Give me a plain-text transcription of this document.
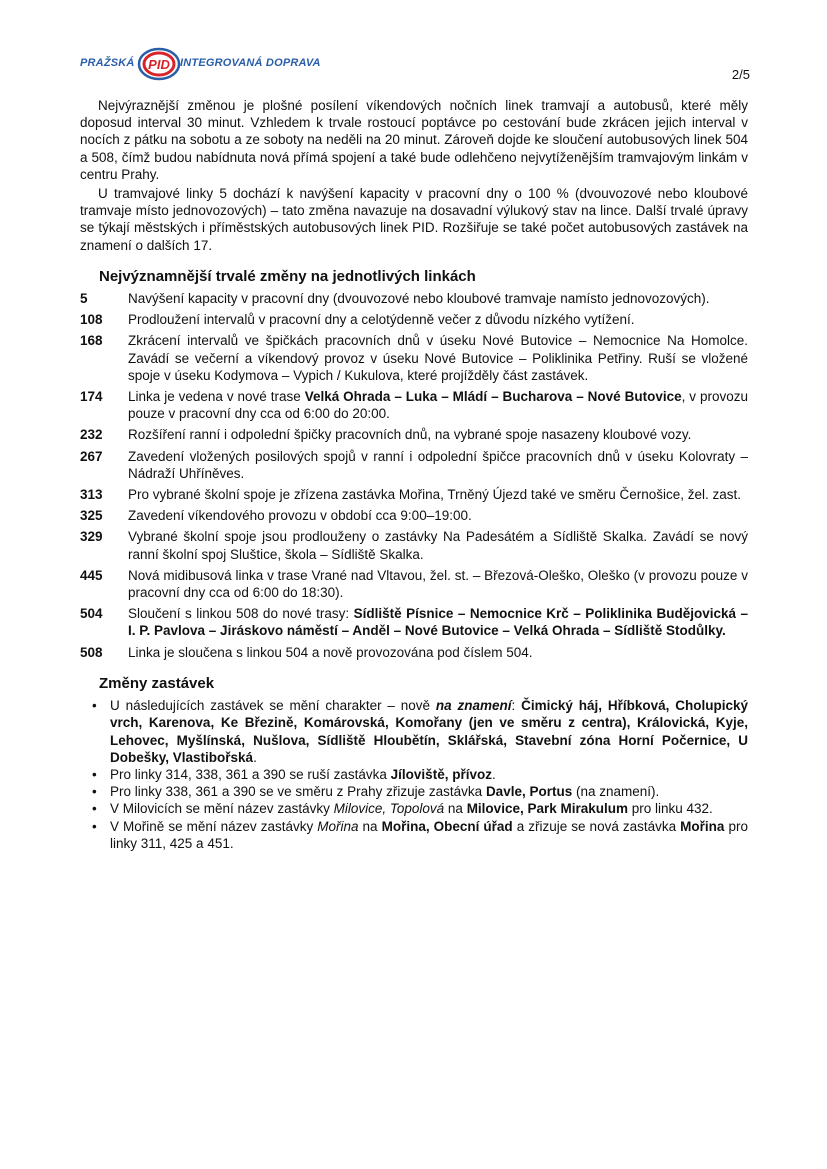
PRAŽSKÁ PID INTEGROVANÁ DOPRAVA
2/5

Nejvýraznější změnou je plošné posílení víkendových nočních linek tramvají a autobusů, které měly doposud interval 30 minut. Vzhledem k trvale rostoucí poptávce po cestování bude zkrácen jejich interval v nocích z pátku na sobotu a ze soboty na neděli na 20 minut. Zároveň dojde ke sloučení autobusových linek 504 a 508, čímž budou nabídnuta nová přímá spojení a také bude odlehčeno nejvytíženějším tramvajovým linkám v centru Prahy.

U tramvajové linky 5 dochází k navýšení kapacity v pracovní dny o 100 % (dvouvozové nebo kloubové tramvaje místo jednovozových) – tato změna navazuje na dosavadní výlukový stav na lince. Další trvalé úpravy se týkají městských i příměstských autobusových linek PID. Rozšiřuje se také počet autobusových zastávek na znamení o dalších 17.

Nejvýznamnější trvalé změny na jednotlivých linkách
5	Navýšení kapacity v pracovní dny (dvouvozové nebo kloubové tramvaje namísto jednovozových).
108	Prodloužení intervalů v pracovní dny a celotýdenně večer z důvodu nízkého vytížení.
168	Zkrácení intervalů ve špičkách pracovních dnů v úseku Nové Butovice – Nemocnice Na Homolce. Zavádí se večerní a víkendový provoz v úseku Nové Butovice – Poliklinika Petřiny. Ruší se vložené spoje v úseku Kodymova – Vypich / Kukulova, které projížděly část zastávek.
174	Linka je vedena v nové trase Velká Ohrada – Luka – Mládí – Bucharova – Nové Butovice, v provozu pouze v pracovní dny cca od 6:00 do 20:00.
232	Rozšíření ranní i odpolední špičky pracovních dnů, na vybrané spoje nasazeny kloubové vozy.
267	Zavedení vložených posilových spojů v ranní i odpolední špičce pracovních dnů v úseku Kolovraty – Nádraží Uhříněves.
313	Pro vybrané školní spoje je zřízena zastávka Mořina, Trněný Újezd také ve směru Černošice, žel. zast.
325	Zavedení víkendového provozu v období cca 9:00–19:00.
329	Vybrané školní spoje jsou prodlouženy o zastávky Na Padesátém a Sídliště Skalka. Zavádí se nový ranní školní spoj Sluštice, škola – Sídliště Skalka.
445	Nová midibusová linka v trase Vrané nad Vltavou, žel. st. – Březová-Oleško, Oleško (v provozu pouze v pracovní dny cca od 6:00 do 18:30).
504	Sloučení s linkou 508 do nové trasy: Sídliště Písnice – Nemocnice Krč – Poliklinika Budějovická – I. P. Pavlova – Jiráskovo náměstí – Anděl – Nové Butovice – Velká Ohrada – Sídliště Stodůlky.
508	Linka je sloučena s linkou 504 a nově provozována pod číslem 504.
Změny zastávek
• U následujících zastávek se mění charakter – nově na znamení: Čimický háj, Hříbková, Cholupický vrch, Karenova, Ke Březině, Komárovská, Komořany (jen ve směru z centra), Královická, Kyje, Lehovec, Myšlínská, Nušlova, Sídliště Hloubětín, Sklářská, Stavební zóna Horní Počernice, U Dobešky, Vlastibořská.
• Pro linky 314, 338, 361 a 390 se ruší zastávka Jíloviště, přívoz.
• Pro linky 338, 361 a 390 se ve směru z Prahy zřizuje zastávka Davle, Portus (na znamení).
• V Milovicích se mění název zastávky Milovice, Topolová na Milovice, Park Mirakulum pro linku 432.
• V Mořině se mění název zastávky Mořina na Mořina, Obecní úřad a zřizuje se nová zastávka Mořina pro linky 311, 425 a 451.
